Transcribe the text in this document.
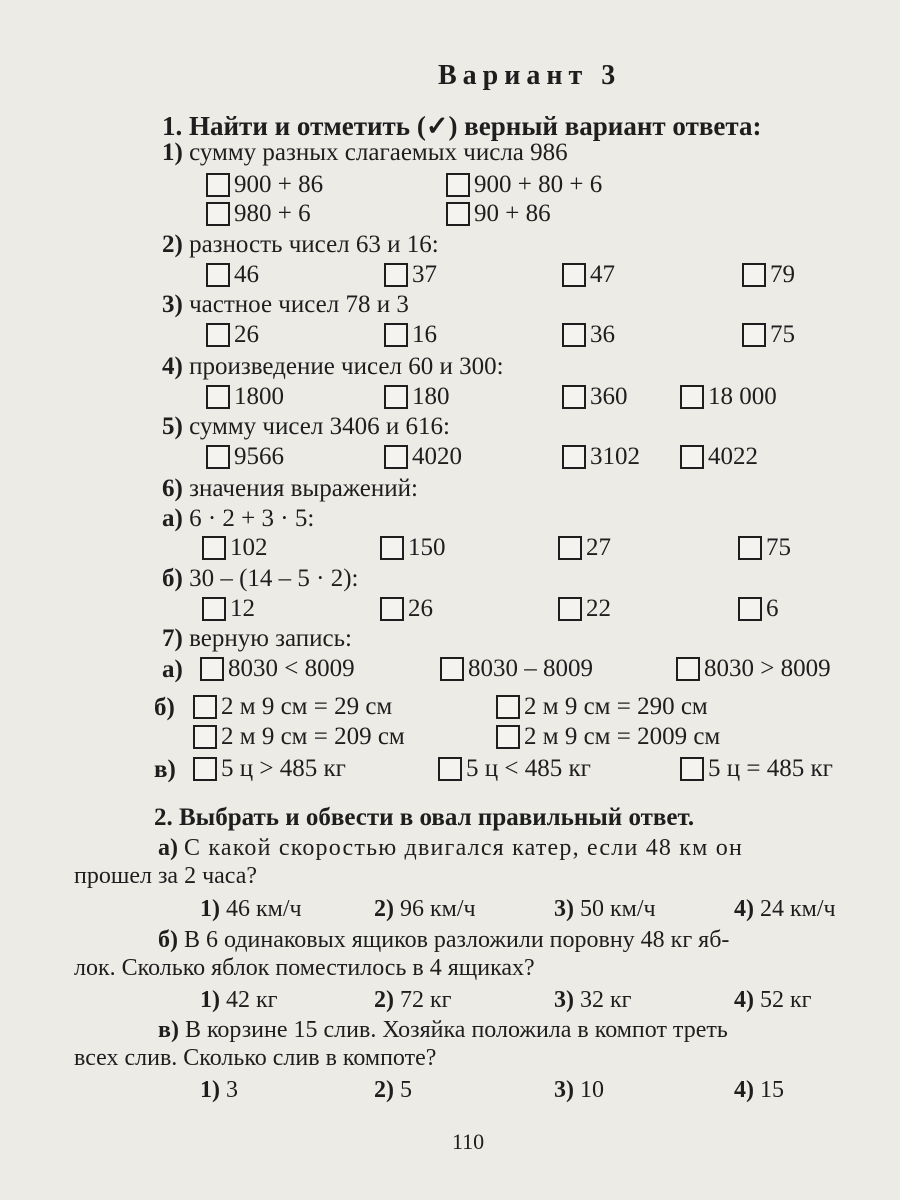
Вариант 3
1. Найти и отметить (✓) верный вариант ответа:
1) сумму разных слагаемых числа 986
900 + 86	900 + 80 + 6
980 + 6	90 + 86
2) разность чисел 63 и 16:
46	37	47	79
3) частное чисел 78 и 3
26	16	36	75
4) произведение чисел 60 и 300:
1800	180	360	18 000
5) сумму чисел 3406 и 616:
9566	4020	3102	4022
6) значения выражений:
а) 6 · 2 + 3 · 5:
102	150	27	75
б) 30 – (14 – 5 · 2):
12	26	22	6
7) верную запись:
а) 8030 < 8009	8030 – 8009	8030 > 8009
б) 2 м 9 см = 29 см	2 м 9 см = 290 см
2 м 9 см = 209 см	2 м 9 см = 2009 см
в) 5 ц > 485 кг	5 ц < 485 кг	5 ц = 485 кг
2. Выбрать и обвести в овал правильный ответ.
а) С какой скоростью двигался катер, если 48 км он
прошел за 2 часа?
1) 46 км/ч	2) 96 км/ч	3) 50 км/ч	4) 24 км/ч
б) В 6 одинаковых ящиков разложили поровну 48 кг яб-
лок. Сколько яблок поместилось в 4 ящиках?
1) 42 кг	2) 72 кг	3) 32 кг	4) 52 кг
в) В корзине 15 слив. Хозяйка положила в компот треть
всех слив. Сколько слив в компоте?
1) 3	2) 5	3) 10	4) 15
110
